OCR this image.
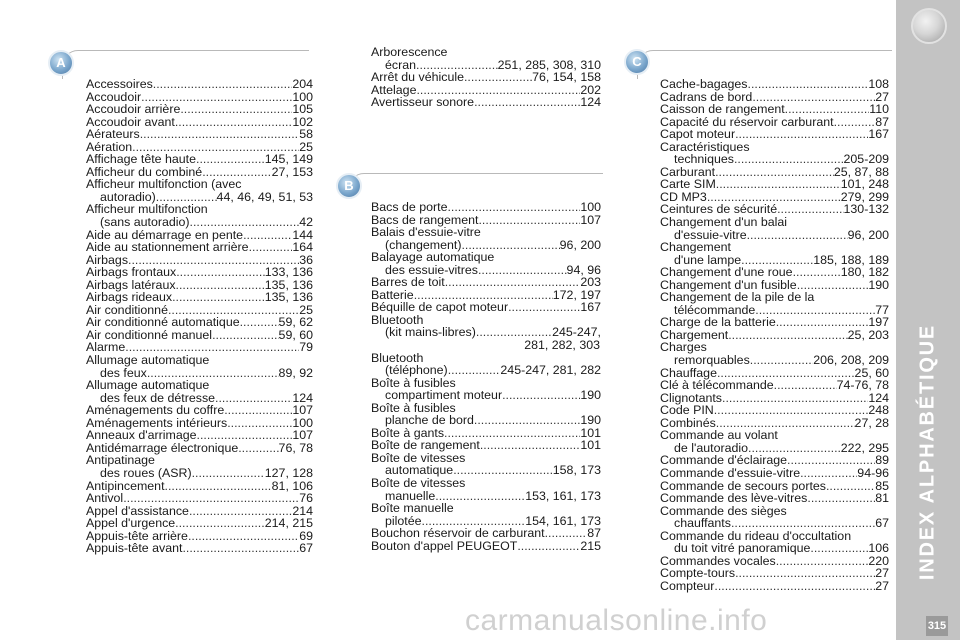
INDEX ALPHABÉTIQUE
315
carmanualsonline.info
A
B
C
Accessoires .....	204
Accoudoir .....	100
Accoudoir arrière .....	105
Accoudoir avant .....	102
Aérateurs .....	58
Aération .....	25
Affichage tête haute .....	145, 149
Afficheur du combiné .....	27, 153
Afficheur multifonction (avec
autoradio) .....	44, 46, 49, 51, 53
Afficheur multifonction
(sans autoradio) .....	42
Aide au démarrage en pente .....	144
Aide au stationnement arrière .....	164
Airbags .....	36
Airbags frontaux .....	133, 136
Airbags latéraux .....	135, 136
Airbags rideaux .....	135, 136
Air conditionné .....	25
Air conditionné automatique .....	59, 62
Air conditionné manuel .....	59, 60
Alarme .....	79
Allumage automatique
des feux .....	89, 92
Allumage automatique
des feux de détresse .....	124
Aménagements du coffre .....	107
Aménagements intérieurs .....	100
Anneaux d'arrimage .....	107
Antidémarrage électronique .....	76, 78
Antipatinage
des roues (ASR) .....	127, 128
Antipincement .....	81, 106
Antivol .....	76
Appel d'assistance .....	214
Appel d'urgence .....	214, 215
Appuis-tête arrière .....	69
Appuis-tête avant .....	67
Arborescence
écran .....	251, 285, 308, 310
Arrêt du véhicule .....	76, 154, 158
Attelage .....	202
Avertisseur sonore .....	124
Bacs de porte .....	100
Bacs de rangement .....	107
Balais d'essuie-vitre
(changement) .....	96, 200
Balayage automatique
des essuie-vitres .....	94, 96
Barres de toit .....	203
Batterie .....	172, 197
Béquille de capot moteur .....	167
Bluetooth
(kit mains-libres) .....	245-247,
281, 282, 303
Bluetooth
(téléphone) .....	245-247, 281, 282
Boîte à fusibles
compartiment moteur .....	190
Boîte à fusibles
planche de bord .....	190
Boîte à gants .....	101
Boîte de rangement .....	101
Boîte de vitesses
automatique .....	158, 173
Boîte de vitesses
manuelle .....	153, 161, 173
Boîte manuelle
pilotée .....	154, 161, 173
Bouchon réservoir de carburant .....	87
Bouton d'appel PEUGEOT .....	215
Cache-bagages .....	108
Cadrans de bord .....	27
Caisson de rangement .....	110
Capacité du réservoir carburant .....	87
Capot moteur .....	167
Caractéristiques
techniques .....	205-209
Carburant .....	25, 87, 88
Carte SIM .....	101, 248
CD MP3 .....	279, 299
Ceintures de sécurité .....	130-132
Changement d'un balai
d'essuie-vitre .....	96, 200
Changement
d'une lampe .....	185, 188, 189
Changement d'une roue .....	180, 182
Changement d'un fusible .....	190
Changement de la pile de la
télécommande .....	77
Charge de la batterie .....	197
Chargement .....	25, 203
Charges
remorquables .....	206, 208, 209
Chauffage .....	25, 60
Clé à télécommande .....	74-76, 78
Clignotants .....	124
Code PIN .....	248
Combinés .....	27, 28
Commande au volant
de l'autoradio .....	222, 295
Commande d'éclairage .....	89
Commande d'essuie-vitre .....	94-96
Commande de secours portes .....	85
Commande des lève-vitres .....	81
Commande des sièges
chauffants .....	67
Commande du rideau d'occultation
du toit vitré panoramique .....	106
Commandes vocales .....	220
Compte-tours .....	27
Compteur .....	27
